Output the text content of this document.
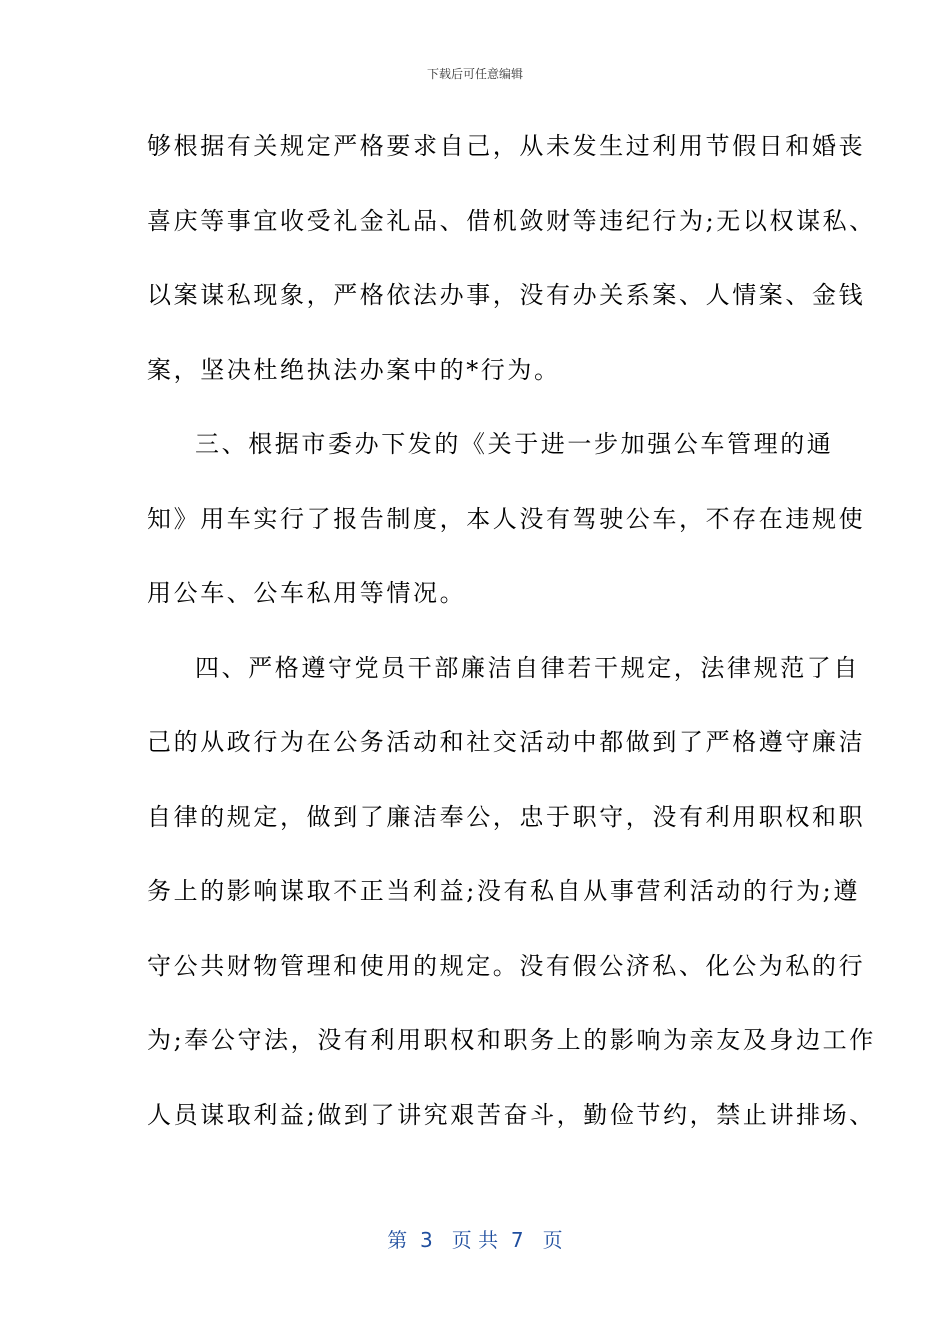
下载后可任意编辑
够根据有关规定严格要求自己，从未发生过利用节假日和婚丧
喜庆等事宜收受礼金礼品、借机敛财等违纪行为;无以权谋私、
以案谋私现象，严格依法办事，没有办关系案、人情案、金钱
案，坚决杜绝执法办案中的*行为。
三、根据市委办下发的《关于进一步加强公车管理的通
知》用车实行了报告制度，本人没有驾驶公车，不存在违规使
用公车、公车私用等情况。
四、严格遵守党员干部廉洁自律若干规定，法律规范了自
己的从政行为在公务活动和社交活动中都做到了严格遵守廉洁
自律的规定，做到了廉洁奉公，忠于职守，没有利用职权和职
务上的影响谋取不正当利益;没有私自从事营利活动的行为;遵
守公共财物管理和使用的规定。没有假公济私、化公为私的行
为;奉公守法，没有利用职权和职务上的影响为亲友及身边工作
人员谋取利益;做到了讲究艰苦奋斗，勤俭节约，禁止讲排场、
第  3   页 共  7   页
